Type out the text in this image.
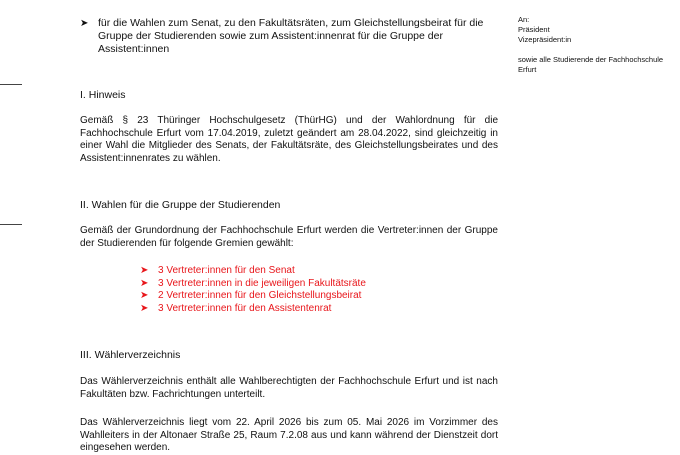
➤ für die Wahlen zum Senat, zu den Fakultätsräten, zum Gleichstellungsbeirat für die Gruppe der Studierenden sowie zum Assistent:innenrat für die Gruppe der Assistent:innen
An:
Präsident
Vizepräsident:in
sowie alle Studierende der Fachhochschule Erfurt
I. Hinweis
Gemäß § 23 Thüringer Hochschulgesetz (ThürHG) und der Wahlordnung für die Fachhochschule Erfurt vom 17.04.2019, zuletzt geändert am 28.04.2022, sind gleichzeitig in einer Wahl die Mitglieder des Senats, der Fakultätsräte, des Gleichstellungsbeirates und des Assistent:innenrates zu wählen.
II. Wahlen für die Gruppe der Studierenden
Gemäß der Grundordnung der Fachhochschule Erfurt werden die Vertreter:innen der Gruppe der Studierenden für folgende Gremien gewählt:
➤ 3 Vertreter:innen für den Senat
➤ 3 Vertreter:innen in die jeweiligen Fakultätsräte
➤ 2 Vertreter:innen für den Gleichstellungsbeirat
➤ 3 Vertreter:innen für den Assistentenrat
III. Wählerverzeichnis
Das Wählerverzeichnis enthält alle Wahlberechtigten der Fachhochschule Erfurt und ist nach Fakultäten bzw. Fachrichtungen unterteilt.
Das Wählerverzeichnis liegt vom 22. April 2026 bis zum 05. Mai 2026 im Vorzimmer des Wahlleiters in der Altonaer Straße 25, Raum 7.2.08 aus und kann während der Dienstzeit dort eingesehen werden.
